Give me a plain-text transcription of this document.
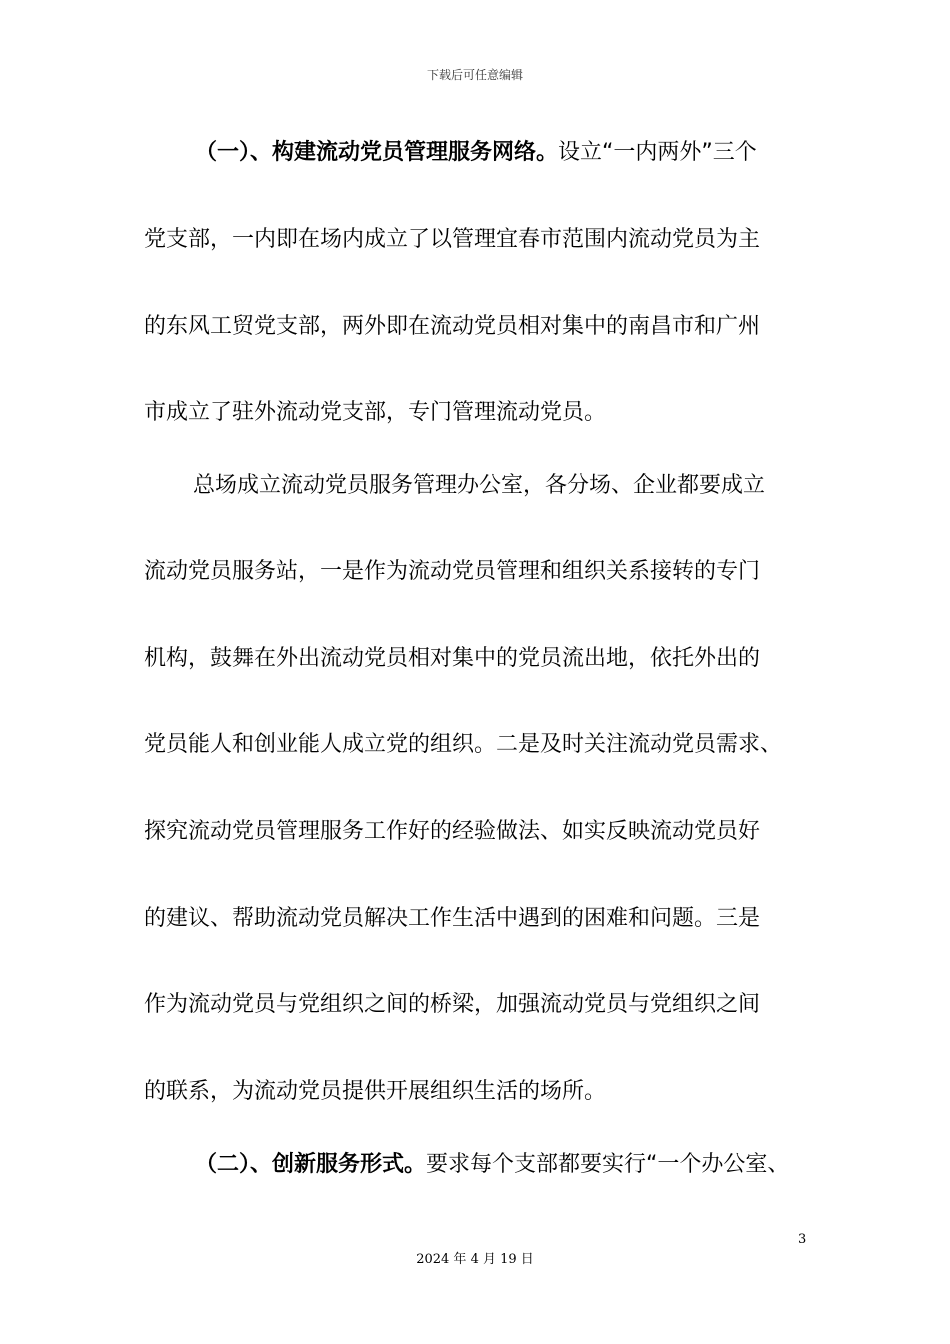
下载后可任意编辑
（一）、构建流动党员管理服务网络。设立“一内两外”三个
党支部，一内即在场内成立了以管理宜春市范围内流动党员为主
的东风工贸党支部，两外即在流动党员相对集中的南昌市和广州
市成立了驻外流动党支部，专门管理流动党员。
总场成立流动党员服务管理办公室，各分场、企业都要成立
流动党员服务站，一是作为流动党员管理和组织关系接转的专门
机构，鼓舞在外出流动党员相对集中的党员流出地，依托外出的
党员能人和创业能人成立党的组织。二是及时关注流动党员需求、
探究流动党员管理服务工作好的经验做法、如实反映流动党员好
的建议、帮助流动党员解决工作生活中遇到的困难和问题。三是
作为流动党员与党组织之间的桥梁，加强流动党员与党组织之间
的联系，为流动党员提供开展组织生活的场所。
（二）、创新服务形式。要求每个支部都要实行“一个办公室、
3
2024 年 4 月 19 日
